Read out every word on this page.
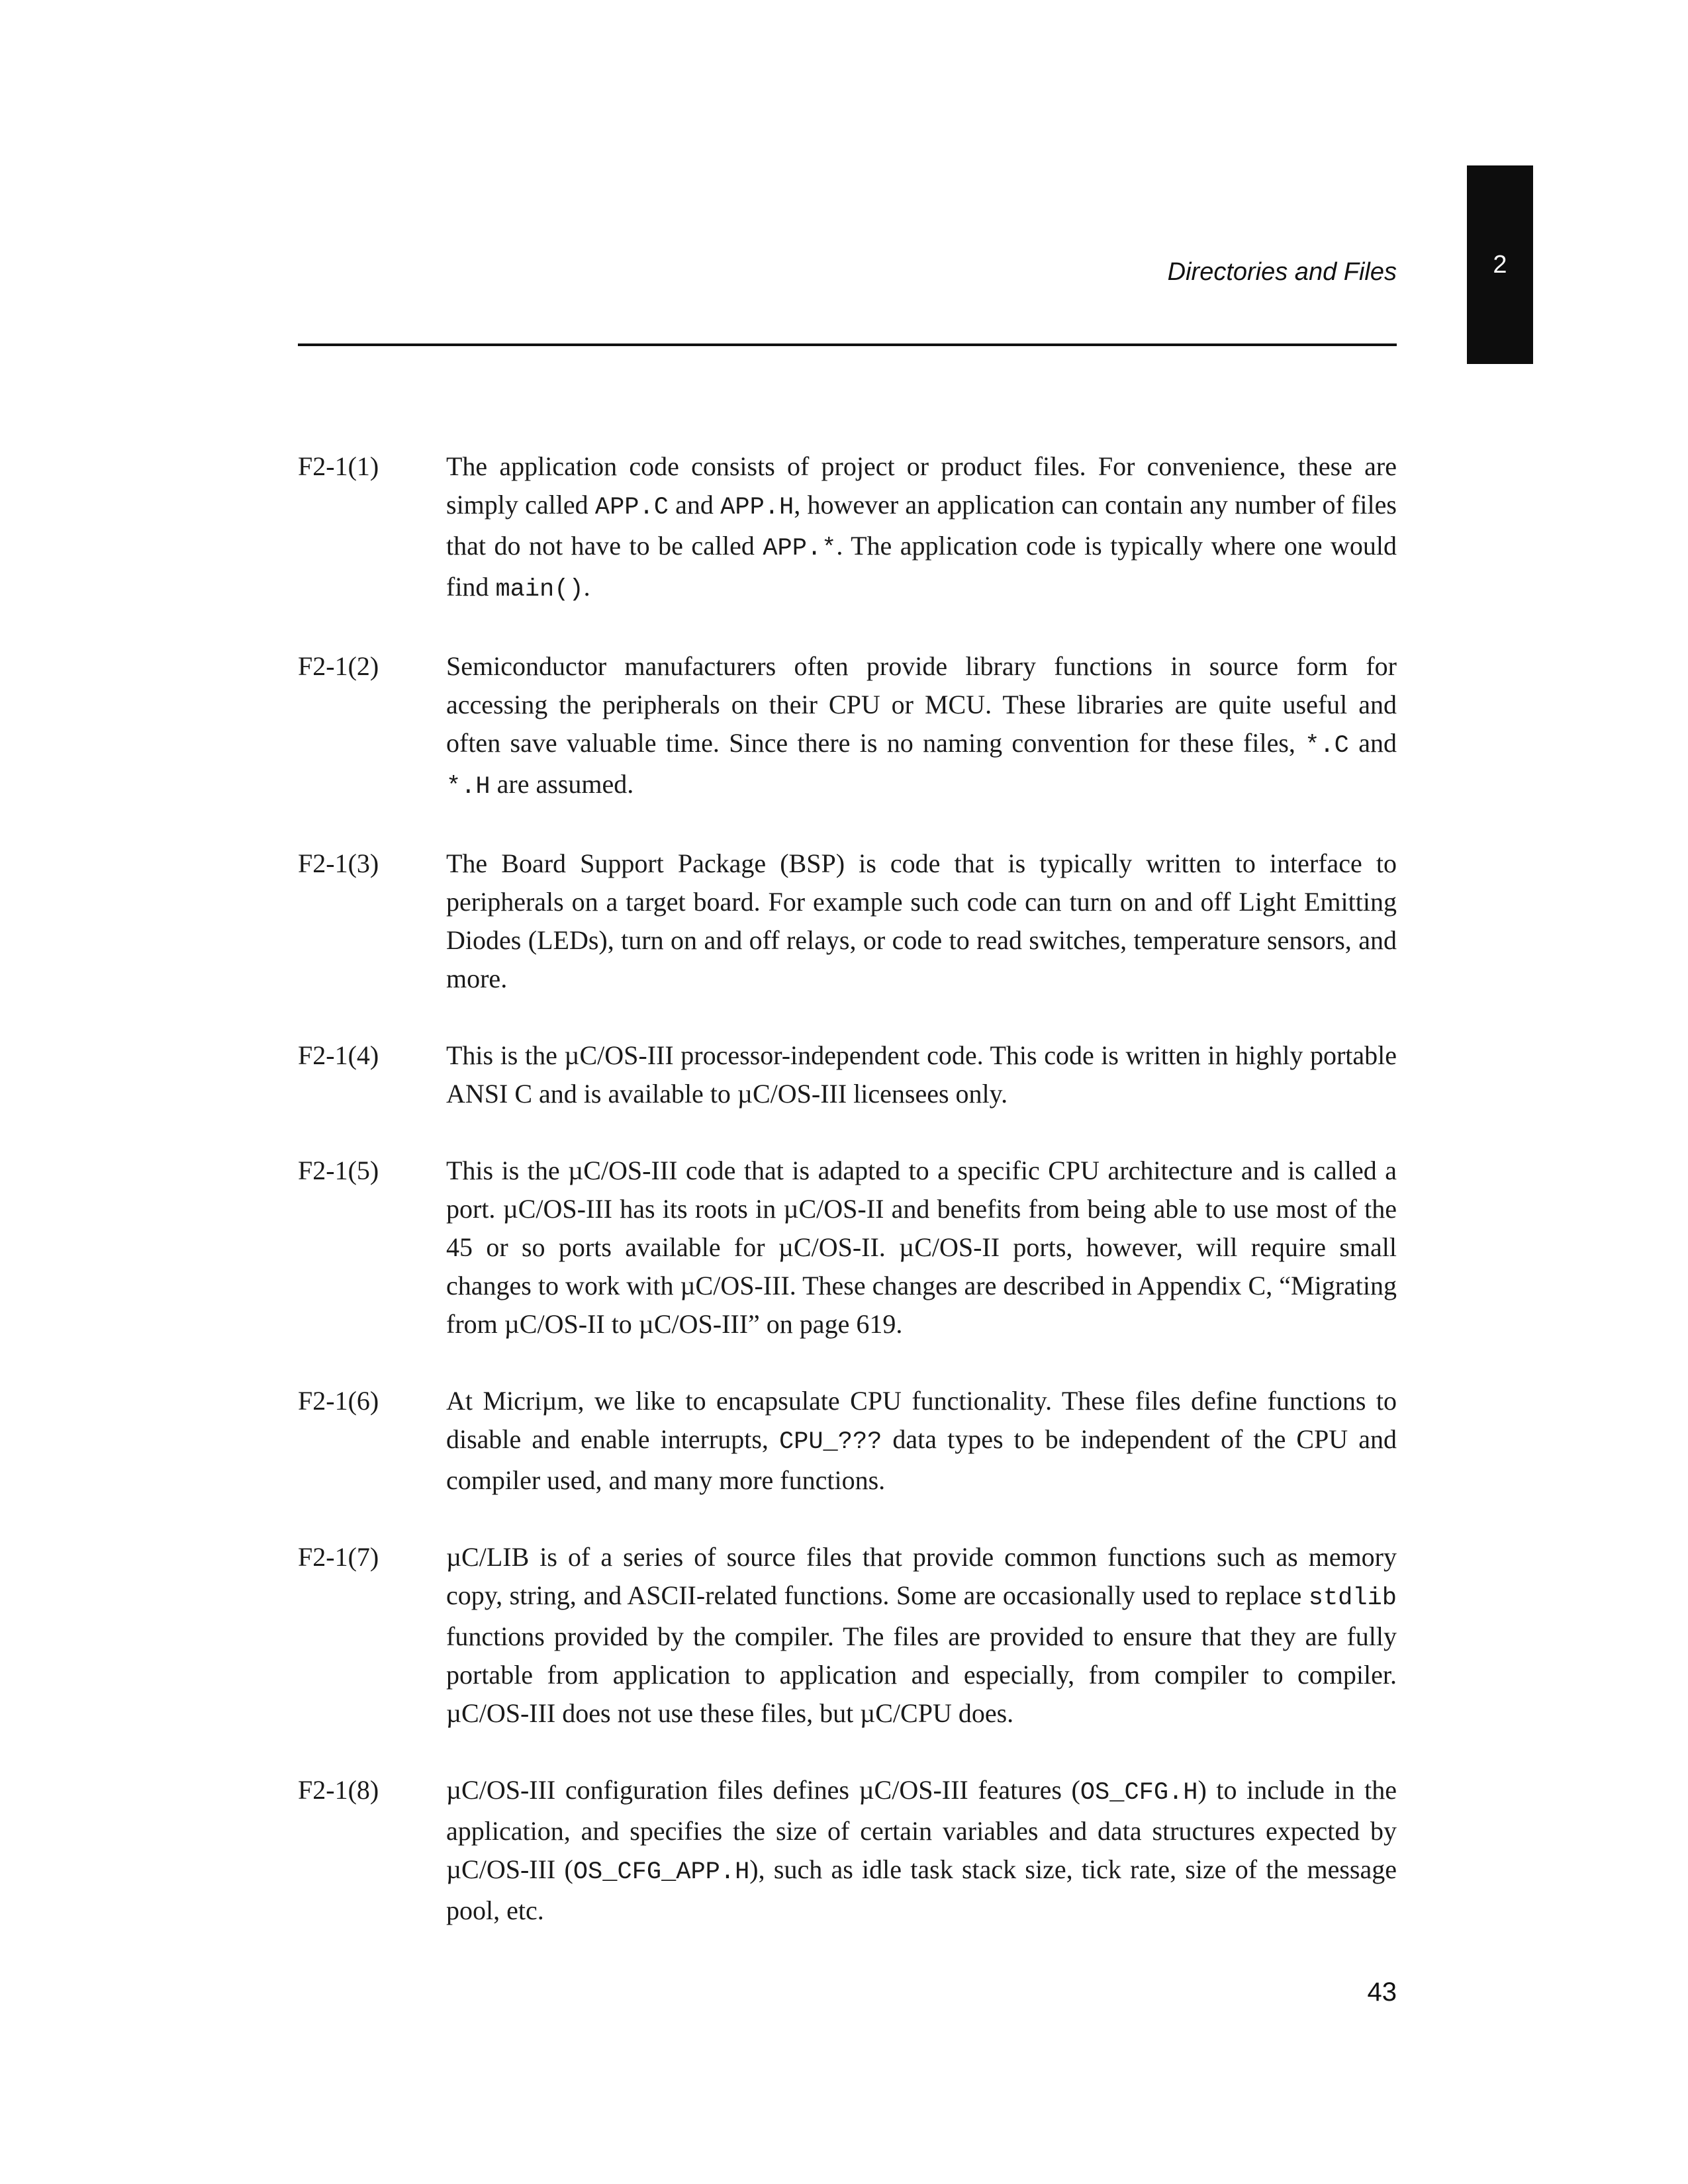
2
Directories and Files
F2-1(1)	The application code consists of project or product files. For convenience, these are simply called APP.C and APP.H, however an application can contain any number of files that do not have to be called APP.*. The application code is typically where one would find main().
F2-1(2)	Semiconductor manufacturers often provide library functions in source form for accessing the peripherals on their CPU or MCU. These libraries are quite useful and often save valuable time. Since there is no naming convention for these files, *.C and *.H are assumed.
F2-1(3)	The Board Support Package (BSP) is code that is typically written to interface to peripherals on a target board. For example such code can turn on and off Light Emitting Diodes (LEDs), turn on and off relays, or code to read switches, temperature sensors, and more.
F2-1(4)	This is the µC/OS-III processor-independent code. This code is written in highly portable ANSI C and is available to µC/OS-III licensees only.
F2-1(5)	This is the µC/OS-III code that is adapted to a specific CPU architecture and is called a port. µC/OS-III has its roots in µC/OS-II and benefits from being able to use most of the 45 or so ports available for µC/OS-II. µC/OS-II ports, however, will require small changes to work with µC/OS-III. These changes are described in Appendix C, “Migrating from µC/OS-II to µC/OS-III” on page 619.
F2-1(6)	At Micriµm, we like to encapsulate CPU functionality. These files define functions to disable and enable interrupts, CPU_??? data types to be independent of the CPU and compiler used, and many more functions.
F2-1(7)	µC/LIB is of a series of source files that provide common functions such as memory copy, string, and ASCII-related functions. Some are occasionally used to replace stdlib functions provided by the compiler. The files are provided to ensure that they are fully portable from application to application and especially, from compiler to compiler. µC/OS-III does not use these files, but µC/CPU does.
F2-1(8)	µC/OS-III configuration files defines µC/OS-III features (OS_CFG.H) to include in the application, and specifies the size of certain variables and data structures expected by µC/OS-III (OS_CFG_APP.H), such as idle task stack size, tick rate, size of the message pool, etc.
43
